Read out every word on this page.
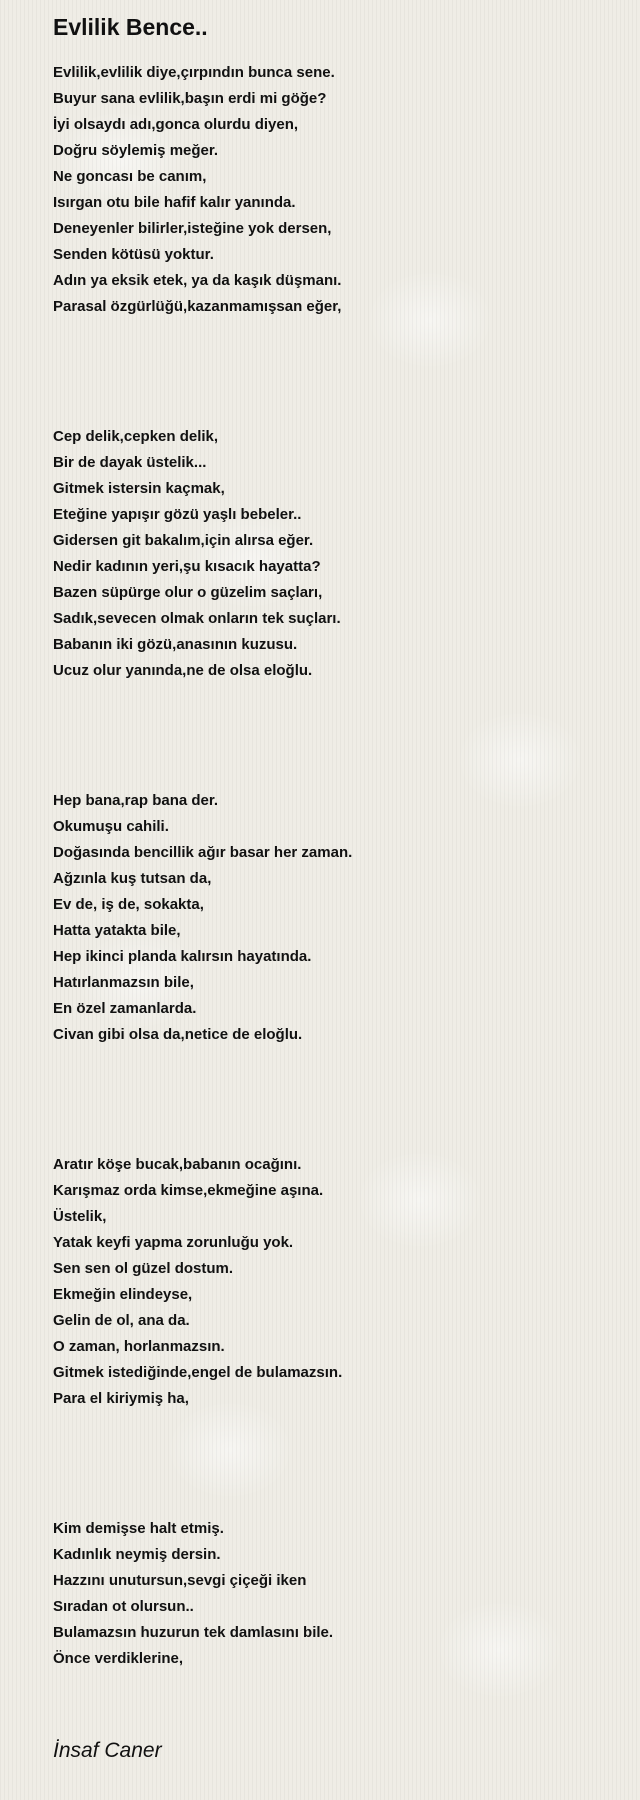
Evlilik Bence..
Evlilik,evlilik diye,çırpındın bunca sene.
Buyur sana evlilik,başın erdi mi göğe?
İyi olsaydı adı,gonca olurdu diyen,
Doğru söylemiş meğer.
Ne goncası be canım,
Isırgan otu bile hafif kalır yanında.
Deneyenler bilirler,isteğine yok dersen,
Senden kötüsü yoktur.
Adın ya eksik etek, ya da kaşık düşmanı.
Parasal özgürlüğü,kazanmamışsan eğer,
Cep delik,cepken delik,
Bir de dayak üstelik...
Gitmek istersin kaçmak,
Eteğine yapışır gözü yaşlı bebeler..
Gidersen git bakalım,için alırsa eğer.
Nedir kadının yeri,şu kısacık hayatta?
Bazen süpürge olur o güzelim saçları,
Sadık,sevecen olmak onların tek suçları.
Babanın iki gözü,anasının kuzusu.
Ucuz olur yanında,ne de olsa eloğlu.
Hep bana,rap bana der.
Okumuşu cahili.
Doğasında bencillik ağır basar her zaman.
Ağzınla kuş tutsan da,
Ev de, iş de, sokakta,
Hatta yatakta bile,
Hep ikinci planda kalırsın hayatında.
Hatırlanmazsın bile,
En özel zamanlarda.
Civan gibi olsa da,netice de eloğlu.
Aratır köşe bucak,babanın ocağını.
Karışmaz orda kimse,ekmeğine aşına.
Üstelik,
Yatak keyfi yapma zorunluğu yok.
Sen sen ol güzel dostum.
Ekmeğin elindeyse,
Gelin de ol, ana da.
O zaman, horlanmazsın.
Gitmek istediğinde,engel de bulamazsın.
Para el kiriymiş ha,
Kim demişse halt etmiş.
Kadınlık neymiş dersin.
Hazzını unutursun,sevgi çiçeği iken
Sıradan ot olursun..
Bulamazsın huzurun tek damlasını bile.
Önce verdiklerine,
İnsaf Caner
